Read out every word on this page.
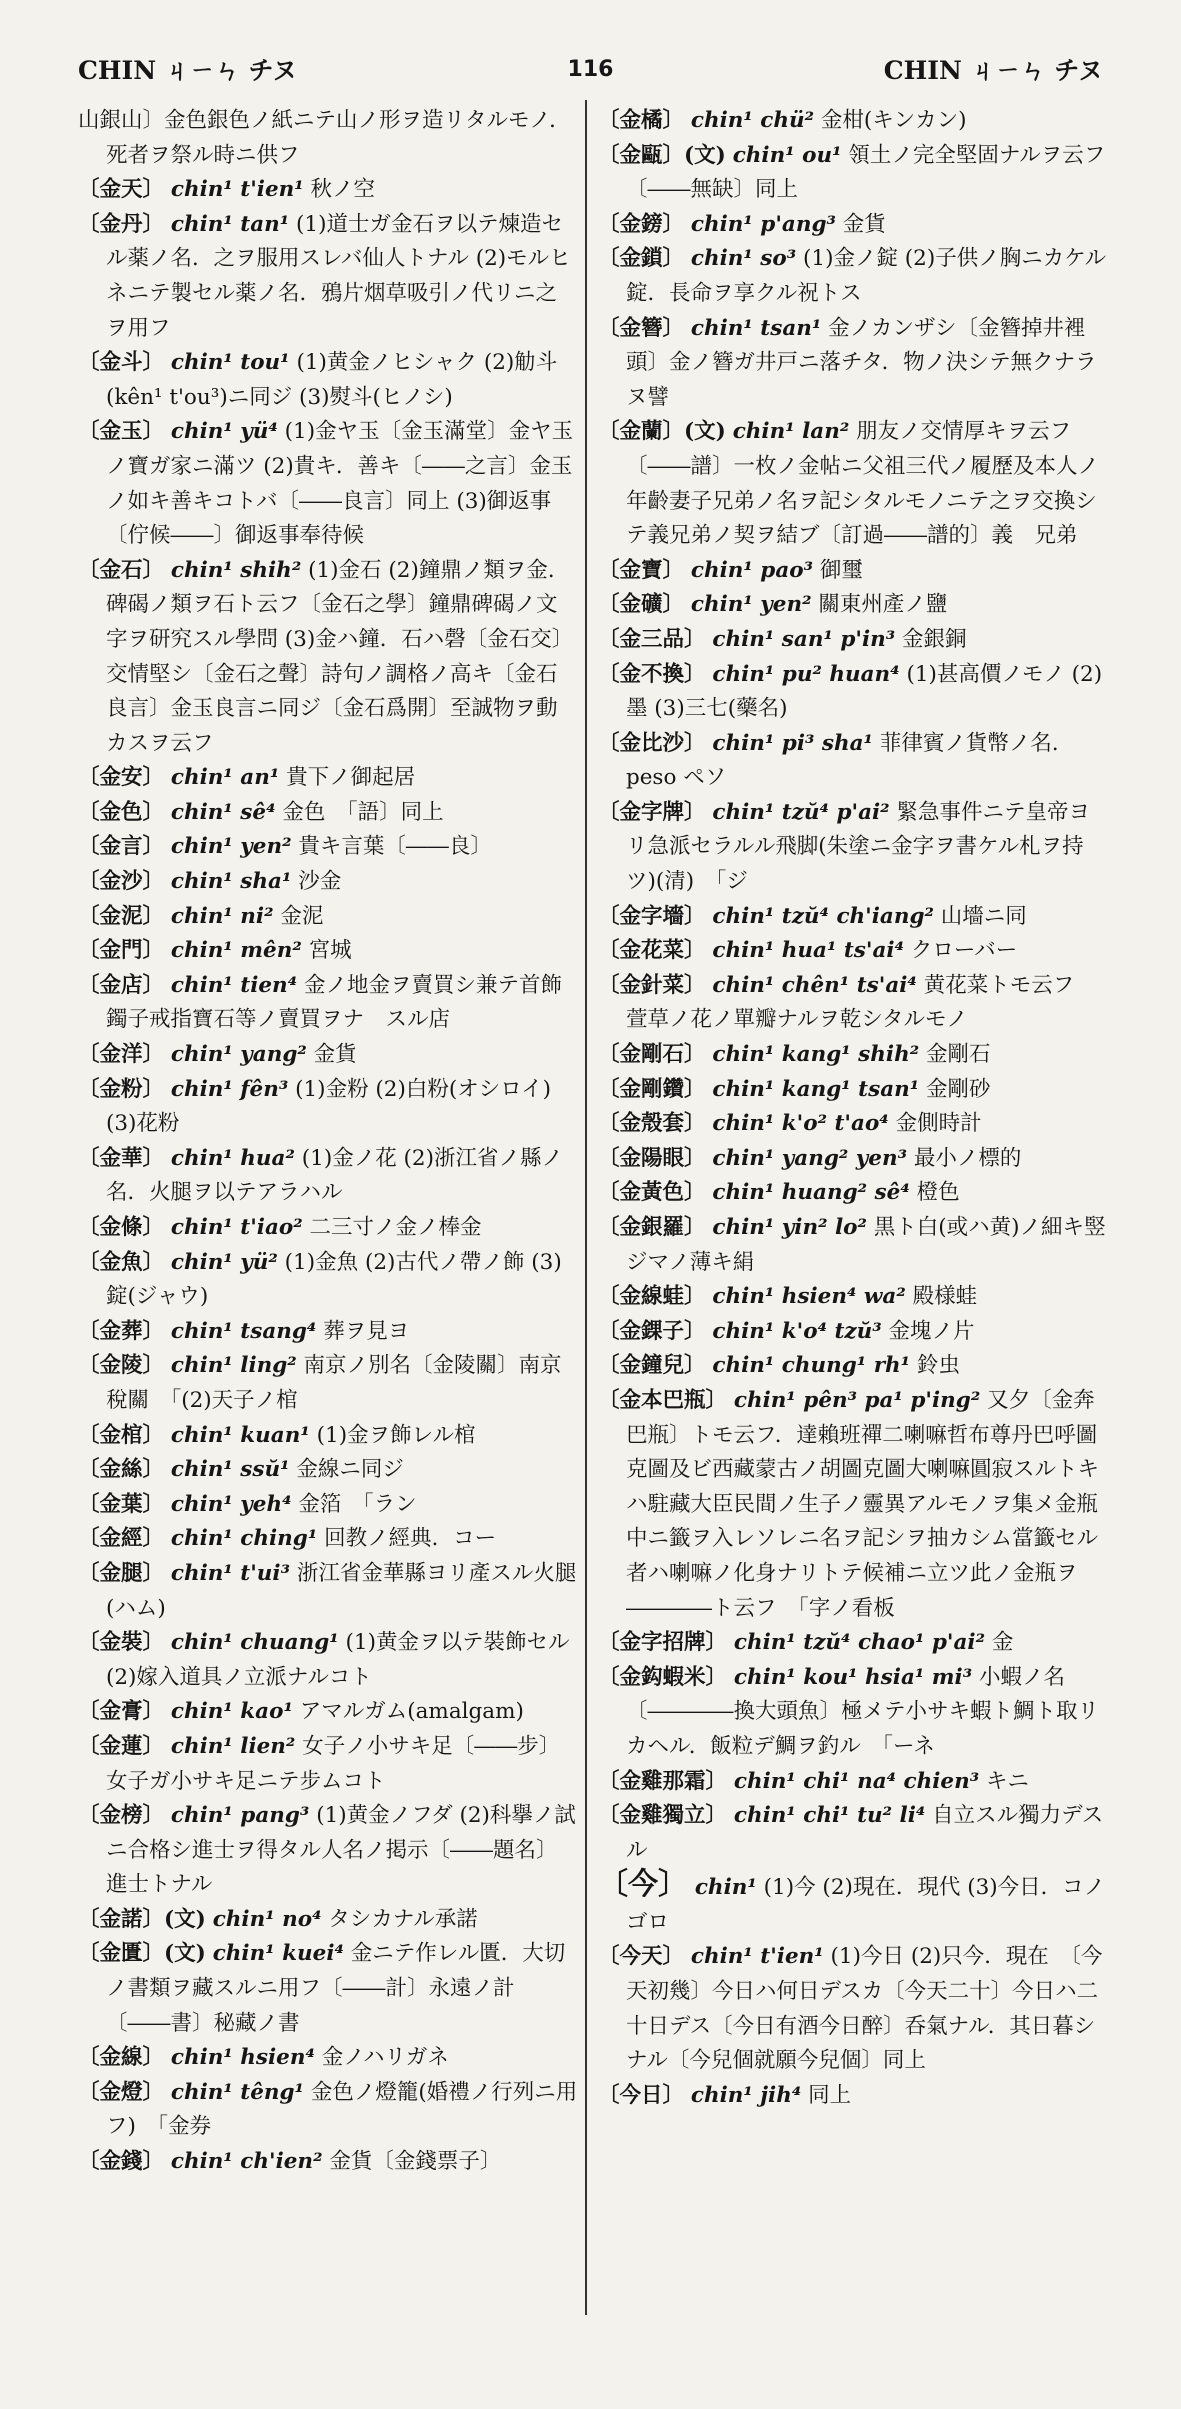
CHIN ㄐㄧㄣ チヌ	116	CHIN ㄐㄧㄣ チヌ

山銀山〕金色銀色ノ紙ニテ山ノ形ヲ造リタルモノ．死者ヲ祭ル時ニ供フ

〔金天〕 chin¹ t'ien¹ 秋ノ空

〔金丹〕 chin¹ tan¹ (1)道士ガ金石ヲ以テ煉造セル薬ノ名．之ヲ服用スレバ仙人トナル (2)モルヒネニテ製セル薬ノ名．鴉片烟草吸引ノ代リニ之ヲ用フ

〔金斗〕 chin¹ tou¹ (1)黄金ノヒシャク (2)觔斗(kên¹ t'ou³)ニ同ジ (3)熨斗(ヒノシ)

〔金玉〕 chin¹ yü⁴ (1)金ヤ玉〔金玉滿堂〕金ヤ玉ノ寶ガ家ニ滿ツ (2)貴キ．善キ〔――之言〕金玉ノ如キ善キコトバ〔――良言〕同上 (3)御返事〔佇候――〕御返事奉待候

〔金石〕 chin¹ shih² (1)金石 (2)鐘鼎ノ類ヲ金．碑碣ノ類ヲ石ト云フ〔金石之學〕鐘鼎碑碣ノ文字ヲ研究スル學問 (3)金ハ鐘．石ハ磬〔金石交〕交情堅シ〔金石之聲〕詩句ノ調格ノ高キ〔金石良言〕金玉良言ニ同ジ〔金石爲開〕至誠物ヲ動カスヲ云フ

〔金安〕 chin¹ an¹ 貴下ノ御起居

〔金色〕 chin¹ sê⁴ 金色　「語〕同上

〔金言〕 chin¹ yen² 貴キ言葉〔――良〕

〔金沙〕 chin¹ sha¹ 沙金

〔金泥〕 chin¹ ni² 金泥

〔金門〕 chin¹ mên² 宮城

〔金店〕 chin¹ tien⁴ 金ノ地金ヲ賣買シ兼テ首飾鐲子戒指寶石等ノ賣買ヲナ　スル店

〔金洋〕 chin¹ yang² 金貨

〔金粉〕 chin¹ fên³ (1)金粉 (2)白粉(オシロイ) (3)花粉

〔金華〕 chin¹ hua² (1)金ノ花 (2)浙江省ノ縣ノ名．火腿ヲ以テアラハル

〔金條〕 chin¹ t'iao² 二三寸ノ金ノ棒金

〔金魚〕 chin¹ yü² (1)金魚 (2)古代ノ帶ノ飾 (3)錠(ジャウ)

〔金葬〕 chin¹ tsang⁴ 葬ヲ見ヨ

〔金陵〕 chin¹ ling² 南京ノ別名〔金陵關〕南京稅關　「(2)天子ノ棺

〔金棺〕 chin¹ kuan¹ (1)金ヲ飾レル棺

〔金絲〕 chin¹ ssŭ¹ 金線ニ同ジ

〔金葉〕 chin¹ yeh⁴ 金箔　「ラン

〔金經〕 chin¹ ching¹ 回教ノ經典．コー

〔金腿〕 chin¹ t'ui³ 浙江省金華縣ヨリ產スル火腿(ハム)

〔金裝〕 chin¹ chuang¹ (1)黄金ヲ以テ裝飾セル (2)嫁入道具ノ立派ナルコト

〔金膏〕 chin¹ kao¹ アマルガム(amalgam)

〔金蓮〕 chin¹ lien² 女子ノ小サキ足〔――步〕女子ガ小サキ足ニテ步ムコト

〔金榜〕 chin¹ pang³ (1)黄金ノフダ (2)科擧ノ試ニ合格シ進士ヲ得タル人名ノ掲示〔――題名〕進士トナル

〔金諾〕(文) chin¹ no⁴ タシカナル承諾

〔金匱〕(文) chin¹ kuei⁴ 金ニテ作レル匱．大切ノ書類ヲ藏スルニ用フ〔――計〕永遠ノ計〔――書〕秘藏ノ書

〔金線〕 chin¹ hsien⁴ 金ノハリガネ

〔金燈〕 chin¹ têng¹ 金色ノ燈籠(婚禮ノ行列ニ用フ)　「金券

〔金錢〕 chin¹ ch'ien² 金貨〔金錢票子〕

〔金橘〕 chin¹ chü² 金柑(キンカン)

〔金甌〕(文) chin¹ ou¹ 領土ノ完全堅固ナルヲ云フ〔――無缺〕同上

〔金鎊〕 chin¹ p'ang³ 金貨

〔金鎖〕 chin¹ so³ (1)金ノ錠 (2)子供ノ胸ニカケル錠．長命ヲ享クル祝トス

〔金簪〕 chin¹ tsan¹ 金ノカンザシ〔金簪掉井裡頭〕金ノ簪ガ井戸ニ落チタ．物ノ決シテ無クナラヌ譬

〔金蘭〕(文) chin¹ lan² 朋友ノ交情厚キヲ云フ〔――譜〕一枚ノ金帖ニ父祖三代ノ履歷及本人ノ年齡妻子兄弟ノ名ヲ記シタルモノニテ之ヲ交換シテ義兄弟ノ契ヲ結ブ〔訂過――譜的〕義　兄弟

〔金寶〕 chin¹ pao³ 御璽

〔金礦〕 chin¹ yen² 關東州產ノ鹽

〔金三品〕 chin¹ san¹ p'in³ 金銀銅

〔金不換〕 chin¹ pu² huan⁴ (1)甚高價ノモノ (2)墨 (3)三七(藥名)

〔金比沙〕 chin¹ pi³ sha¹ 菲律賓ノ貨幣ノ名．peso ペソ

〔金字牌〕 chin¹ tzŭ⁴ p'ai² 緊急事件ニテ皇帝ヨリ急派セラルル飛脚(朱塗ニ金字ヲ書ケル札ヲ持ツ)(清)　「ジ

〔金字墻〕 chin¹ tzŭ⁴ ch'iang² 山墻ニ同

〔金花菜〕 chin¹ hua¹ ts'ai⁴ クローバー

〔金針菜〕 chin¹ chên¹ ts'ai⁴ 黄花菜トモ云フ　萱草ノ花ノ單瓣ナルヲ乾シタルモノ

〔金剛石〕 chin¹ kang¹ shih² 金剛石

〔金剛鑽〕 chin¹ kang¹ tsan¹ 金剛砂

〔金殼套〕 chin¹ k'o² t'ao⁴ 金側時計

〔金陽眼〕 chin¹ yang² yen³ 最小ノ標的

〔金黃色〕 chin¹ huang² sê⁴ 橙色

〔金銀羅〕 chin¹ yin² lo² 黒ト白(或ハ黄)ノ細キ竪ジマノ薄キ絹

〔金線蛙〕 chin¹ hsien⁴ wa² 殿様蛙

〔金錁子〕 chin¹ k'o⁴ tzŭ³ 金塊ノ片

〔金鐘兒〕 chin¹ chung¹ rh¹ 鈴虫

〔金本巴瓶〕 chin¹ pên³ pa¹ p'ing² 又夕〔金奔巴瓶〕トモ云フ．達賴班禪二喇嘛哲布尊丹巴呼圖克圖及ビ西藏蒙古ノ胡圖克圖大喇嘛圓寂スルトキハ駐藏大臣民間ノ生子ノ靈異アルモノヲ集メ金瓶中ニ籤ヲ入レソレニ名ヲ記シヲ抽カシム當籤セル者ハ喇嘛ノ化身ナリトテ候補ニ立ツ此ノ金瓶ヲ――――ト云フ　「字ノ看板

〔金字招牌〕 chin¹ tzŭ⁴ chao¹ p'ai² 金

〔金鈎蝦米〕 chin¹ kou¹ hsia¹ mi³ 小蝦ノ名〔――――換大頭魚〕極メテ小サキ蝦ト鯛ト取リカヘル．飯粒デ鯛ヲ釣ル　「ーネ

〔金雞那霜〕 chin¹ chi¹ na⁴ chien³ キニ

〔金雞獨立〕 chin¹ chi¹ tu² li⁴ 自立スル獨力デスル

〔今〕 chin¹ (1)今 (2)現在．現代 (3)今日．コノゴロ

〔今天〕 chin¹ t'ien¹ (1)今日 (2)只今．現在　〔今天初幾〕今日ハ何日デスカ〔今天二十〕今日ハ二十日デス〔今日有酒今日醉〕呑氣ナル．其日暮シナル〔今兒個就願今兒個〕同上

〔今日〕 chin¹ jih⁴ 同上
